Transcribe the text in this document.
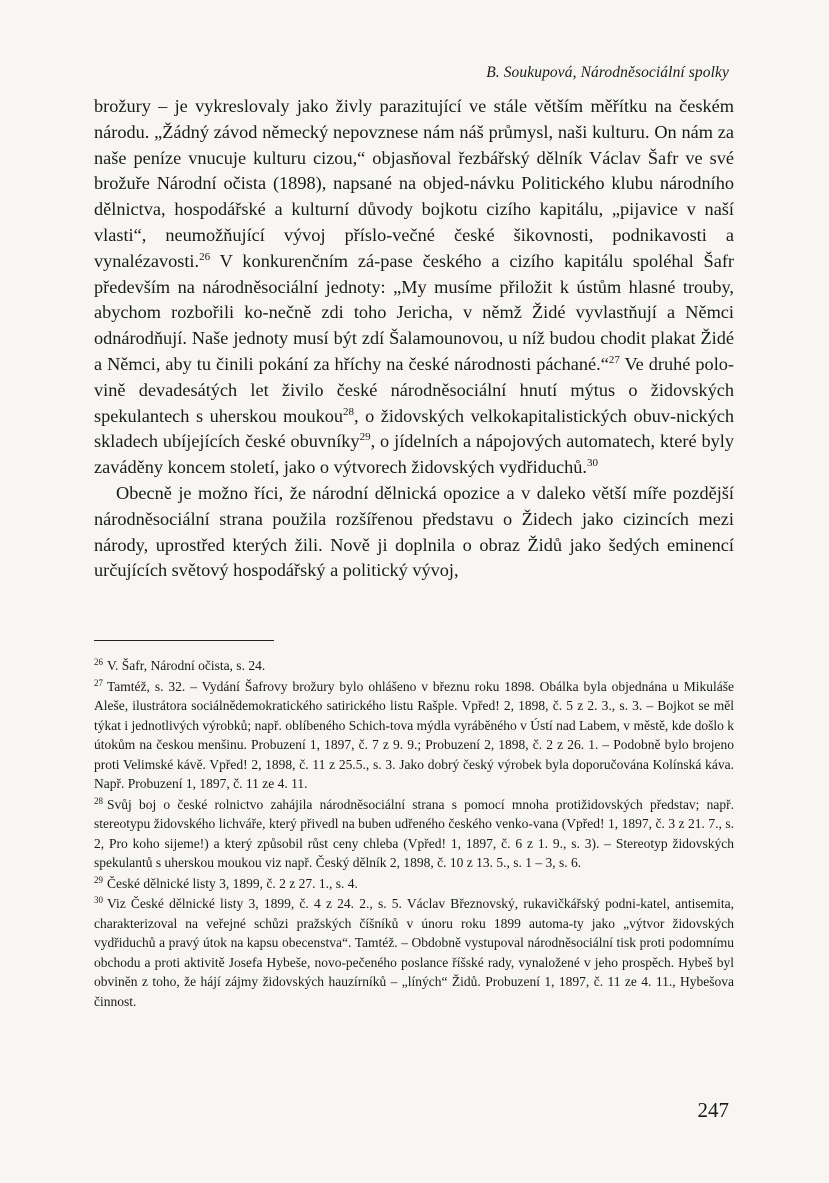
B. Soukupová, Národněsociální spolky

brožury – je vykreslovaly jako živly parazitující ve stále větším měřítku na českém národu. „Žádný závod německý nepovznese nám náš průmysl, naši kulturu. On nám za naše peníze vnucuje kulturu cizou,“ objasňoval řezbářský dělník Václav Šafr ve své brožuře Národní očista (1898), napsané na objed-návku Politického klubu národního dělnictva, hospodářské a kulturní důvody bojkotu cizího kapitálu, „pijavice v naší vlasti“, neumožňující vývoj příslo-večné české šikovnosti, podnikavosti a vynalézavosti.$^{26}$ V konkurenčním zá-pase českého a cizího kapitálu spoléhal Šafr především na národněsociální jednoty: „My musíme přiložit k ústům hlasné trouby, abychom rozbořili ko-nečně zdi toho Jericha, v němž Židé vyvlastňují a Němci odnárodňují. Naše jednoty musí být zdí Šalamounovou, u níž budou chodit plakat Židé a Němci, aby tu činili pokání za hříchy na české národnosti páchané.“$^{27}$ Ve druhé polo-vině devadesátých let živilo české národněsociální hnutí mýtus o židovských spekulantech s uherskou moukou$^{28}$, o židovských velkokapitalistických obuv-nických skladech ubíjejících české obuvníky$^{29}$, o jídelních a nápojových automatech, které byly zaváděny koncem století, jako o výtvorech židovských vydřiduchů.$^{30}$

Obecně je možno říci, že národní dělnická opozice a v daleko větší míře pozdější národněsociální strana použila rozšířenou představu o Židech jako cizincích mezi národy, uprostřed kterých žili. Nově ji doplnila o obraz Židů jako šedých eminencí určujících světový hospodářský a politický vývoj,

$^{26}$ V. Šafr, Národní očista, s. 24.

$^{27}$ Tamtéž, s. 32. – Vydání Šafrovy brožury bylo ohlášeno v březnu roku 1898. Obálka byla objednána u Mikuláše Aleše, ilustrátora sociálnědemokratického satirického listu Rašple. Vpřed! 2, 1898, č. 5 z 2. 3., s. 3. – Bojkot se měl týkat i jednotlivých výrobků; např. oblíbeného Schich-tova mýdla vyráběného v Ústí nad Labem, v městě, kde došlo k útokům na českou menšinu. Probuzení 1, 1897, č. 7 z 9. 9.; Probuzení 2, 1898, č. 2 z 26. 1. – Podobně bylo brojeno proti Velimské kávě. Vpřed! 2, 1898, č. 11 z 25.5., s. 3. Jako dobrý český výrobek byla doporučována Kolínská káva. Např. Probuzení 1, 1897, č. 11 ze 4. 11.

$^{28}$ Svůj boj o české rolnictvo zahájila národněsociální strana s pomocí mnoha protižidovských představ; např. stereotypu židovského lichváře, který přivedl na buben udřeného českého venko-vana (Vpřed! 1, 1897, č. 3 z 21. 7., s. 2, Pro koho sijeme!) a který způsobil růst ceny chleba (Vpřed! 1, 1897, č. 6 z 1. 9., s. 3). – Stereotyp židovských spekulantů s uherskou moukou viz např. Český dělník 2, 1898, č. 10 z 13. 5., s. 1 – 3, s. 6.

$^{29}$ České dělnické listy 3, 1899, č. 2 z 27. 1., s. 4.

$^{30}$ Viz České dělnické listy 3, 1899, č. 4 z 24. 2., s. 5. Václav Březnovský, rukavičkářský podni-katel, antisemita, charakterizoval na veřejné schůzi pražských číšníků v únoru roku 1899 automa-ty jako „výtvor židovských vydřiduchů a pravý útok na kapsu obecenstva“. Tamtéž. – Obdobně vystupoval národněsociální tisk proti podomnímu obchodu a proti aktivitě Josefa Hybeše, novo-pečeného poslance říšské rady, vynaložené v jeho prospěch. Hybeš byl obviněn z toho, že hájí zájmy židovských hauzírníků – „líných“ Židů. Probuzení 1, 1897, č. 11 ze 4. 11., Hybešova činnost.

247
